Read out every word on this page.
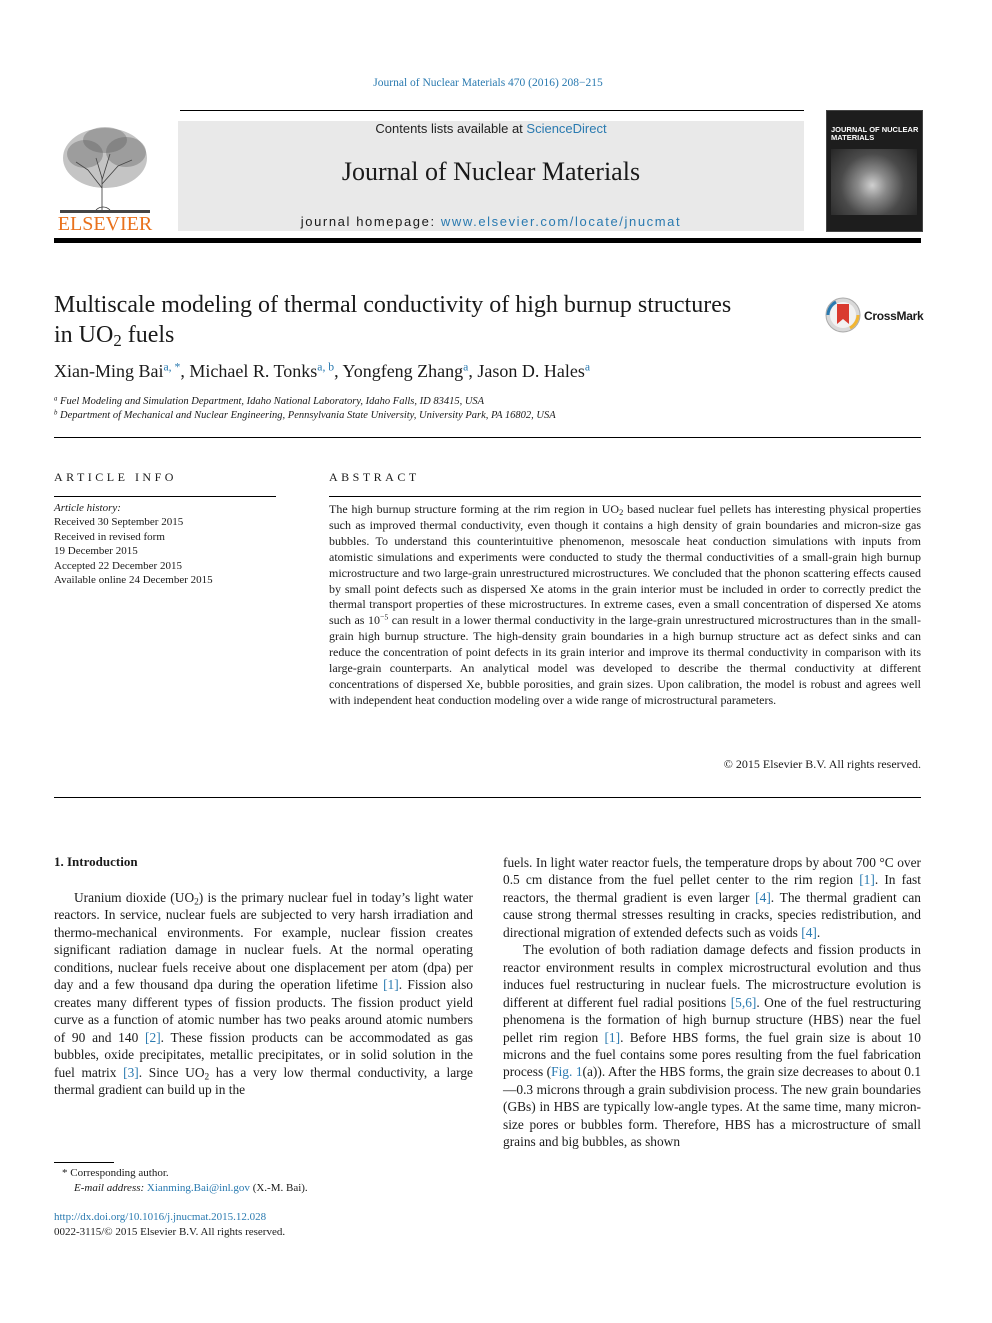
Journal of Nuclear Materials 470 (2016) 208−215
ELSEVIER
Contents lists available at ScienceDirect
Journal of Nuclear Materials
journal homepage: www.elsevier.com/locate/jnucmat
JOURNAL OF NUCLEAR MATERIALS
Multiscale modeling of thermal conductivity of high burnup structures in $UO_2$ fuels
CrossMark
Xian-Ming Bai$^{a, *}$, Michael R. Tonks$^{a, b}$, Yongfeng Zhang$^a$, Jason D. Hales$^a$
$^a$ Fuel Modeling and Simulation Department, Idaho National Laboratory, Idaho Falls, ID 83415, USA
$^b$ Department of Mechanical and Nuclear Engineering, Pennsylvania State University, University Park, PA 16802, USA
ARTICLE INFO
Article history:
Received 30 September 2015
Received in revised form
19 December 2015
Accepted 22 December 2015
Available online 24 December 2015
ABSTRACT
The high burnup structure forming at the rim region in $UO_2$ based nuclear fuel pellets has interesting physical properties such as improved thermal conductivity, even though it contains a high density of grain boundaries and micron-size gas bubbles. To understand this counterintuitive phenomenon, mesoscale heat conduction simulations with inputs from atomistic simulations and experiments were conducted to study the thermal conductivities of a small-grain high burnup microstructure and two large-grain unrestructured microstructures. We concluded that the phonon scattering effects caused by small point defects such as dispersed Xe atoms in the grain interior must be included in order to correctly predict the thermal transport properties of these microstructures. In extreme cases, even a small concentration of dispersed Xe atoms such as $10^{-5}$ can result in a lower thermal conductivity in the large-grain unrestructured microstructures than in the small-grain high burnup structure. The high-density grain boundaries in a high burnup structure act as defect sinks and can reduce the concentration of point defects in its grain interior and improve its thermal conductivity in comparison with its large-grain counterparts. An analytical model was developed to describe the thermal conductivity at different concentrations of dispersed Xe, bubble porosities, and grain sizes. Upon calibration, the model is robust and agrees well with independent heat conduction modeling over a wide range of microstructural parameters.
© 2015 Elsevier B.V. All rights reserved.
1. Introduction

Uranium dioxide $(UO_2)$ is the primary nuclear fuel in today’s light water reactors. In service, nuclear fuels are subjected to very harsh irradiation and thermo-mechanical environments. For example, nuclear fission creates significant radiation damage in nuclear fuels. At the normal operating conditions, nuclear fuels receive about one displacement per atom (dpa) per day and a few thousand dpa during the operation lifetime [1]. Fission also creates many different types of fission products. The fission product yield curve as a function of atomic number has two peaks around atomic numbers of 90 and 140 [2]. These fission products can be accommodated as gas bubbles, oxide precipitates, metallic precipitates, or in solid solution in the fuel matrix [3]. Since $UO_2$ has a very low thermal conductivity, a large thermal gradient can build up in the

fuels. In light water reactor fuels, the temperature drops by about 700 °C over 0.5 cm distance from the fuel pellet center to the rim region [1]. In fast reactors, the thermal gradient is even larger [4]. The thermal gradient can cause strong thermal stresses resulting in cracks, species redistribution, and directional migration of extended defects such as voids [4].

The evolution of both radiation damage defects and fission products in reactor environment results in complex microstructural evolution and thus induces fuel restructuring in nuclear fuels. The microstructure evolution is different at different fuel radial positions [5,6]. One of the fuel restructuring phenomena is the formation of high burnup structure (HBS) near the fuel pellet rim region [1]. Before HBS forms, the fuel grain size is about 10 microns and the fuel contains some pores resulting from the fuel fabrication process (Fig. 1(a)). After the HBS forms, the grain size decreases to about 0.1—0.3 microns through a grain subdivision process. The new grain boundaries (GBs) in HBS are typically low-angle types. At the same time, many micron-size pores or bubbles form. Therefore, HBS has a microstructure of small grains and big bubbles, as shown

* Corresponding author.
E-mail address: Xianming.Bai@inl.gov (X.-M. Bai).
http://dx.doi.org/10.1016/j.jnucmat.2015.12.028
0022-3115/© 2015 Elsevier B.V. All rights reserved.
